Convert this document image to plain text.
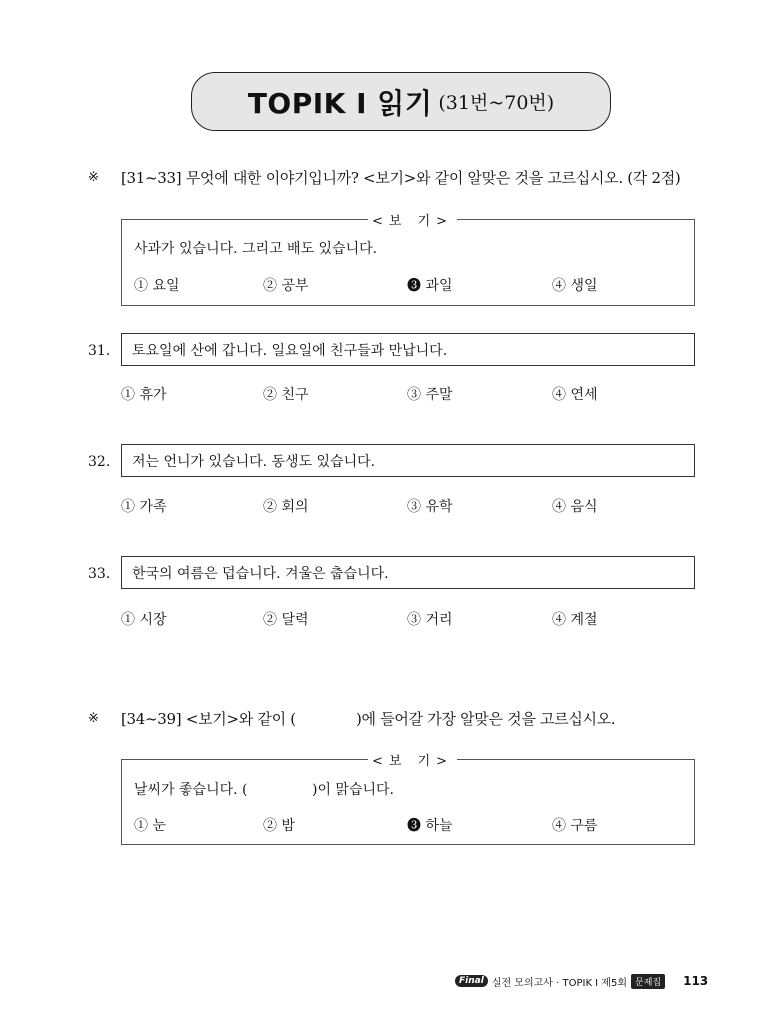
TOPIK Ⅰ 읽기 (31번~70번)
※ [31~33] 무엇에 대한 이야기입니까? <보기>와 같이 알맞은 것을 고르십시오. (각 2점)
<보 기>
사과가 있습니다. 그리고 배도 있습니다.
① 요일	② 공부	❸ 과일	④ 생일
31. 토요일에 산에 갑니다. 일요일에 친구들과 만납니다.
① 휴가	② 친구	③ 주말	④ 연세
32. 저는 언니가 있습니다. 동생도 있습니다.
① 가족	② 회의	③ 유학	④ 음식
33. 한국의 여름은 덥습니다. 겨울은 춥습니다.
① 시장	② 달력	③ 거리	④ 계절
※ [34~39] <보기>와 같이 (	)에 들어갈 가장 알맞은 것을 고르십시오.
<보 기>
날씨가 좋습니다. (	)이 맑습니다.
① 눈	② 밤	❸ 하늘	④ 구름
Final 실전 모의고사 · TOPIK Ⅰ 제5회 문제집	113
